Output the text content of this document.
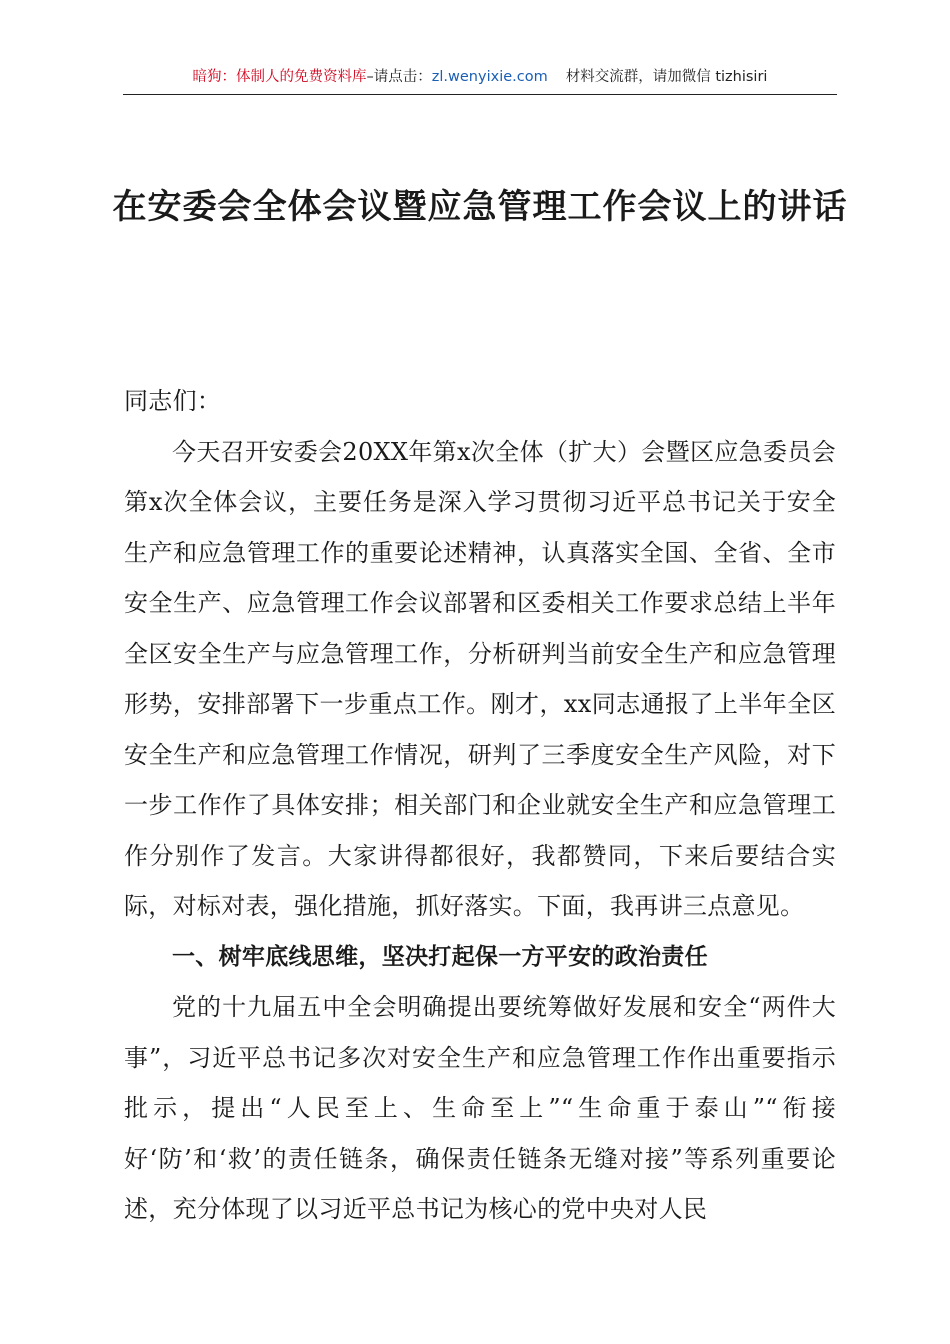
暗狗：体制人的免费资料库–请点击：zl.wenyixie.com 材料交流群，请加微信 tizhisiri
在安委会全体会议暨应急管理工作会议上的讲话

同志们：

今天召开安委会20XX年第x次全体（扩大）会暨区应急委员会第x次全体会议，主要任务是深入学习贯彻习近平总书记关于安全生产和应急管理工作的重要论述精神，认真落实全国、全省、全市安全生产、应急管理工作会议部署和区委相关工作要求总结上半年全区安全生产与应急管理工作，分析研判当前安全生产和应急管理形势，安排部署下一步重点工作。刚才，xx同志通报了上半年全区安全生产和应急管理工作情况，研判了三季度安全生产风险，对下一步工作作了具体安排；相关部门和企业就安全生产和应急管理工作分别作了发言。大家讲得都很好，我都赞同，下来后要结合实际，对标对表，强化措施，抓好落实。下面，我再讲三点意见。

一、树牢底线思维，坚决打起保一方平安的政治责任

党的十九届五中全会明确提出要统筹做好发展和安全“两件大事”，习近平总书记多次对安全生产和应急管理工作作出重要指示批示，提出“人民至上、生命至上”“生命重于泰山”“衔接好‘防’和‘救’的责任链条，确保责任链条无缝对接”等系列重要论述，充分体现了以习近平总书记为核心的党中央对人民
